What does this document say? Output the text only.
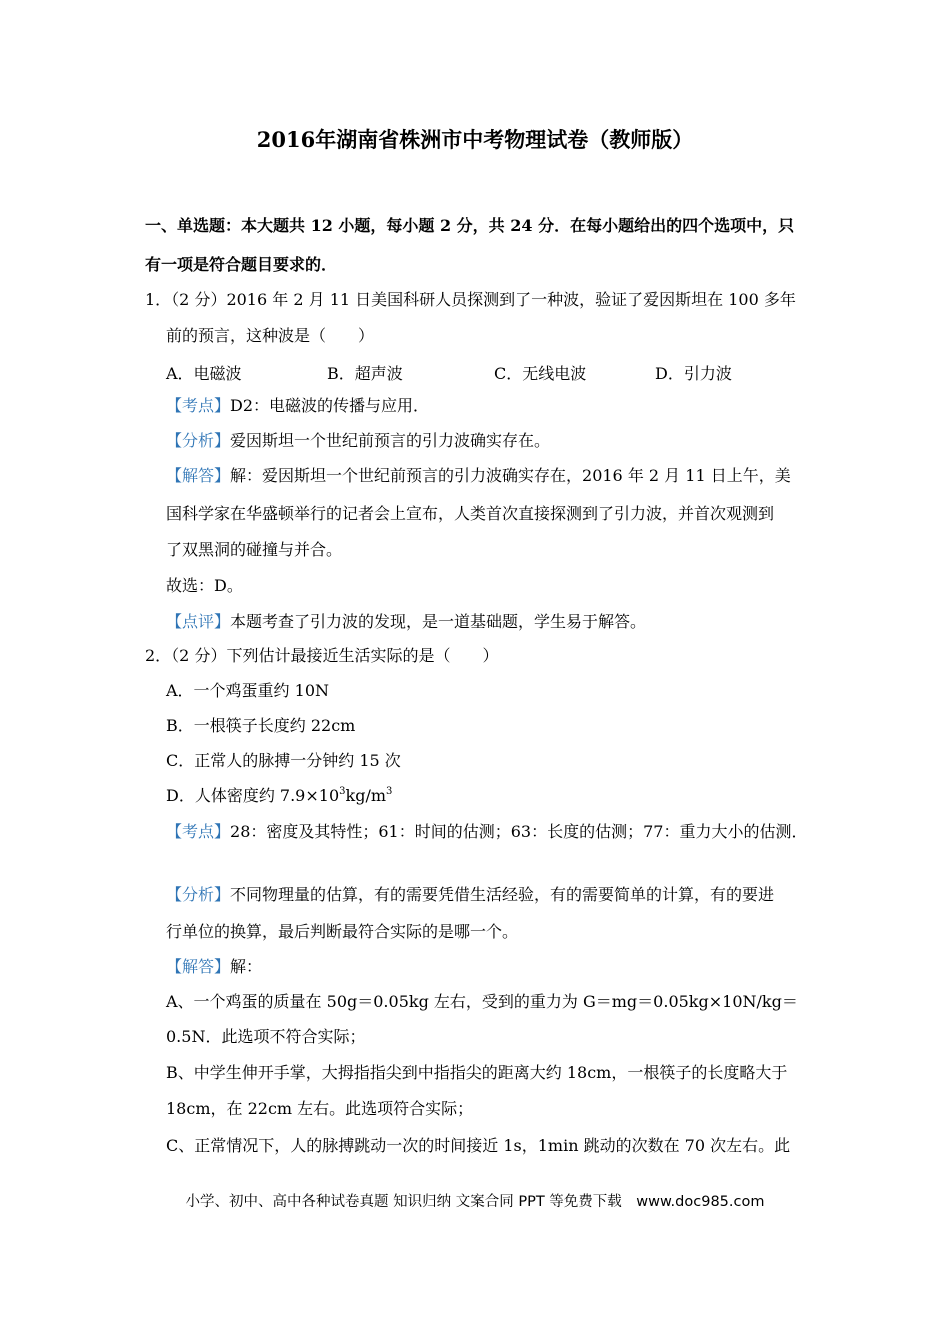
2016年湖南省株洲市中考物理试卷（教师版）
一、单选题：本大题共 12 小题，每小题 2 分，共 24 分．在每小题给出的四个选项中，只
有一项是符合题目要求的．
1．（2 分）2016 年 2 月 11 日美国科研人员探测到了一种波，验证了爱因斯坦在 100 多年
前的预言，这种波是（　　）
A．电磁波	B．超声波	C．无线电波	D．引力波
【考点】D2：电磁波的传播与应用．
【分析】爱因斯坦一个世纪前预言的引力波确实存在。
【解答】解：爱因斯坦一个世纪前预言的引力波确实存在，2016 年 2 月 11 日上午，美
国科学家在华盛顿举行的记者会上宣布，人类首次直接探测到了引力波，并首次观测到
了双黑洞的碰撞与并合。
故选：D。
【点评】本题考查了引力波的发现，是一道基础题，学生易于解答。
2．（2 分）下列估计最接近生活实际的是（　　）
A．一个鸡蛋重约 10N
B．一根筷子长度约 22cm
C．正常人的脉搏一分钟约 15 次
D．人体密度约 $7.9\times 10^3kg/m^3$
【考点】28：密度及其特性；61：时间的估测；63：长度的估测；77：重力大小的估测．
【分析】不同物理量的估算，有的需要凭借生活经验，有的需要简单的计算，有的要进
行单位的换算，最后判断最符合实际的是哪一个。
【解答】解：
A、一个鸡蛋的质量在 50g＝0.05kg 左右，受到的重力为 G＝mg＝0.05kg×10N/kg＝
0.5N．此选项不符合实际；
B、中学生伸开手掌，大拇指指尖到中指指尖的距离大约 18cm，一根筷子的长度略大于
18cm，在 22cm 左右。此选项符合实际；
C、正常情况下，人的脉搏跳动一次的时间接近 1s，1min 跳动的次数在 70 次左右。此
小学、初中、高中各种试卷真题 知识归纳 文案合同 PPT 等免费下载　www.doc985.com
